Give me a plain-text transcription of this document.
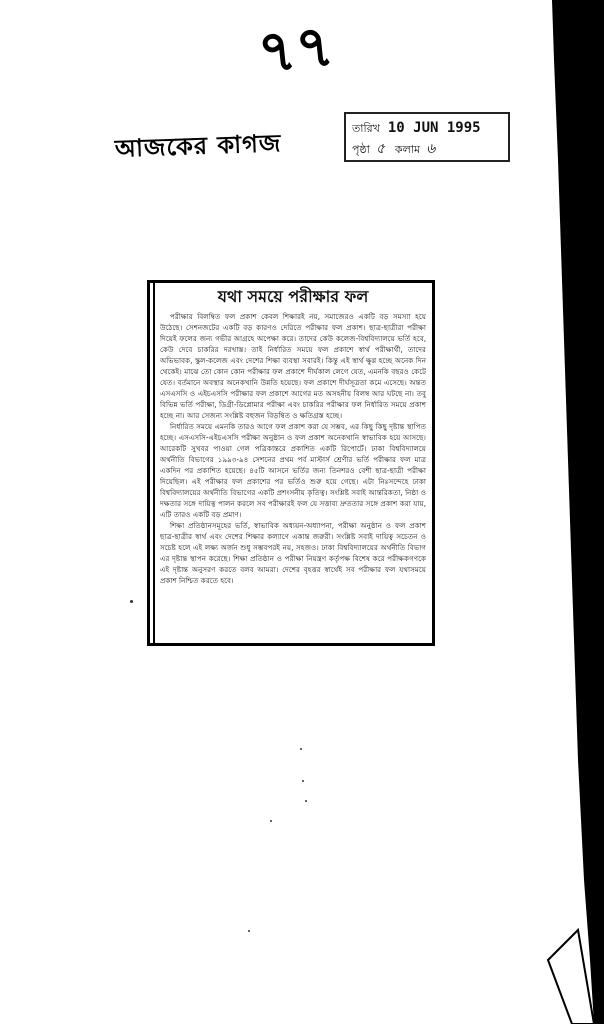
৭৭
আজকের কাগজ
তারিখ 10 JUN 1995
পৃষ্ঠা ৫ কলাম ৬
যথা সময়ে পরীক্ষার ফল

পরীক্ষার বিলম্বিত ফল প্রকাশ কেবল শিক্ষারই নয়, সমাজেরও একটি বড় সমস্যা হয়ে উঠেছে। সেশনজটের একটি বড় কারণও দেরিতে পরীক্ষার ফল প্রকাশ। ছাত্র-ছাত্রীরা পরীক্ষা দিয়েই ফলের জন্য গভীর আগ্রহে অপেক্ষা করে। তাদের কেউ কলেজ-বিশ্ববিদ্যালয়ে ভর্তি হবে, কেউ দেবে চাকরির দরখাস্ত। তাই নির্ধারিত সময়ে ফল প্রকাশে স্বার্থ পরীক্ষার্থী, তাদের অভিভাবক, স্কুল-কলেজ এবং দেশের শিক্ষা ব্যবস্থা সবারই। কিন্তু এই স্বার্থ ক্ষুণ্ণ হচ্ছে অনেক দিন থেকেই। মাঝে তো কোন কোন পরীক্ষার ফল প্রকাশে দীর্ঘকাল লেগে যেত, এমনকি বছরও কেটে যেত। বর্তমানে অবস্থার অনেকখানি উন্নতি হয়েছে। ফল প্রকাশে দীর্ঘসূত্রতা কমে এসেছে। অন্তত এসএসসি ও এইচএসসি পরীক্ষার ফল প্রকাশে আগের মত অসহনীয় বিলম্ব আর ঘটছে না। তবু বিভিন্ন ভর্তি পরীক্ষা, ডিগ্রী-ডিপ্লোমার পরীক্ষা এবং চাকরির পরীক্ষার ফল নির্ধারিত সময়ে প্রকাশ হচ্ছে না। আর সেজন্য সংশ্লিষ্ট বহুজন বিড়ম্বিত ও ক্ষতিগ্রস্ত হচ্ছে।

নির্ধারিত সময়ে এমনকি তারও আগে ফল প্রকাশ করা যে সম্ভব, এর কিছু কিছু দৃষ্টান্ত স্থাপিত হচ্ছে। এসএসসি-এইচএসসি পরীক্ষা অনুষ্ঠান ও ফল প্রকাশ অনেকখানি স্বাভাবিক হয়ে আসছে। আরেকটি সুখবর পাওয়া গেল পত্রিকান্তরে প্রকাশিত একটি রিপোর্টে। ঢাকা বিশ্ববিদ্যালয়ে অর্থনীতি বিভাগের ১৯৯৩-৯৪ সেশনের প্রথম পর্ব মাস্টার্স শ্রেণীর ভর্তি পরীক্ষার ফল মাত্র একদিন পর প্রকাশিত হয়েছে। ৪৫টি আসনে ভর্তির জন্য তিনশরও বেশী ছাত্র-ছাত্রী পরীক্ষা দিয়েছিল। এই পরীক্ষার ফল প্রকাশের পর ভর্তিও শুরু হয়ে গেছে। এটা নিঃসন্দেহে ঢাকা বিশ্ববিদ্যালয়ের অর্থনীতি বিভাগের একটি প্রশংসনীয় কৃতিত্ব। সংশ্লিষ্ট সবাই আন্তরিকতা, নিষ্ঠা ও দক্ষতার সঙ্গে দায়িত্ব পালন করলে সব পরীক্ষারই ফল যে সত্তাব্য দ্রুততার সঙ্গে প্রকাশ করা যায়, এটি তারও একটি বড় প্রমাণ।

শিক্ষা প্রতিষ্ঠানসমূহের ভর্তি, স্বাভাবিক অধ্যয়ন-অধ্যাপনা, পরীক্ষা অনুষ্ঠান ও ফল প্রকাশ ছাত্র-ছাত্রীর স্বার্থ এবং দেশের শিক্ষার কল্যাণে একান্ত জরুরী। সংশ্লিষ্ট সবাই দায়িত্ব সচেতন ও সচেষ্ট হলে এই লক্ষ্য অর্জন শুধু সম্ভবপরই নয়, সহজও। ঢাকা বিশ্ববিদ্যালয়ের অর্থনীতি বিভাগ এর দৃষ্টান্ত স্থাপন করেছে। শিক্ষা প্রতিষ্ঠান ও পরীক্ষা নিয়ন্ত্রণ কর্তৃপক্ষ বিশেষ করে পরীক্ষকগণকে এই দৃষ্টান্ত অনুসরণ করতে বলব আমরা। দেশের বৃহত্তর স্বার্থেই সব পরীক্ষার ফল যথাসময়ে প্রকাশ নিশ্চিত করতে হবে।
